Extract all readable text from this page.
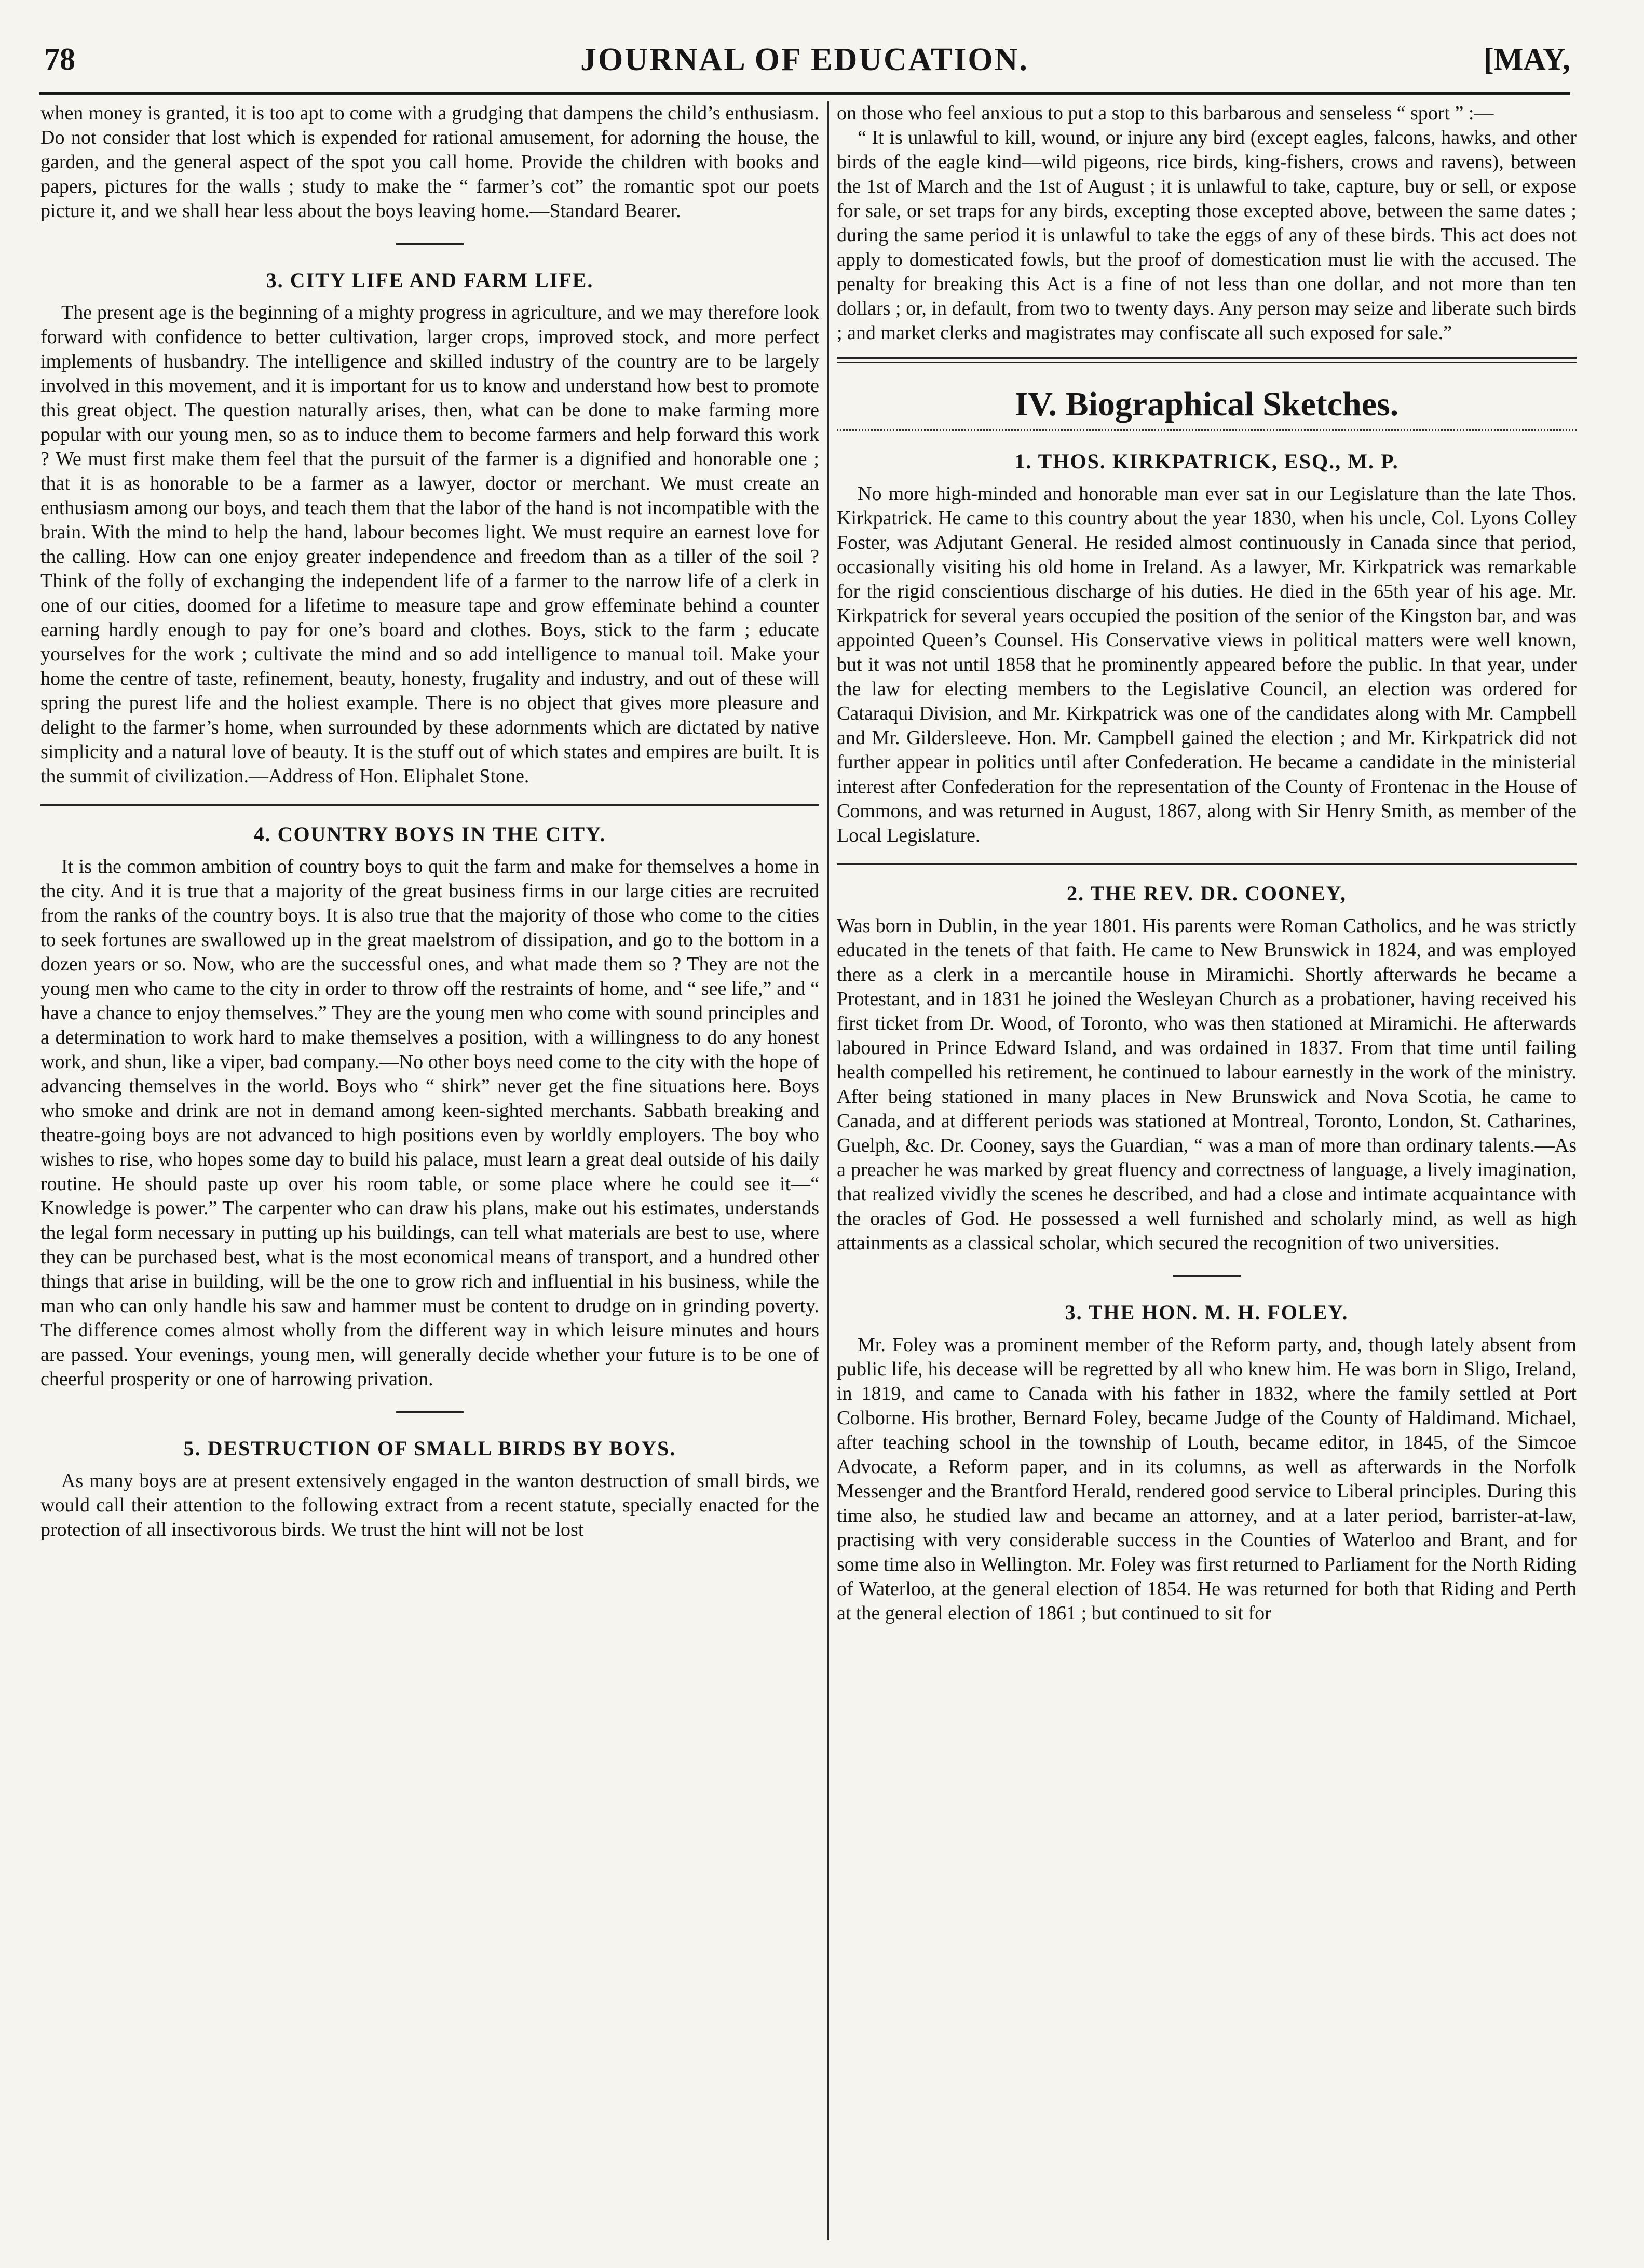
78	JOURNAL OF EDUCATION.	[MAY,

when money is granted, it is too apt to come with a grudging that dampens the child’s enthusiasm. Do not consider that lost which is expended for rational amusement, for adorning the house, the garden, and the general aspect of the spot you call home. Provide the children with books and papers, pictures for the walls ; study to make the “ farmer’s cot” the romantic spot our poets picture it, and we shall hear less about the boys leaving home.—Standard Bearer.

3. CITY LIFE AND FARM LIFE.

The present age is the beginning of a mighty progress in agriculture, and we may therefore look forward with confidence to better cultivation, larger crops, improved stock, and more perfect implements of husbandry. The intelligence and skilled industry of the country are to be largely involved in this movement, and it is important for us to know and understand how best to promote this great object. The question naturally arises, then, what can be done to make farming more popular with our young men, so as to induce them to become farmers and help forward this work ? We must first make them feel that the pursuit of the farmer is a dignified and honorable one ; that it is as honorable to be a farmer as a lawyer, doctor or merchant. We must create an enthusiasm among our boys, and teach them that the labor of the hand is not incompatible with the brain. With the mind to help the hand, labour becomes light. We must require an earnest love for the calling. How can one enjoy greater independence and freedom than as a tiller of the soil ? Think of the folly of exchanging the independent life of a farmer to the narrow life of a clerk in one of our cities, doomed for a lifetime to measure tape and grow effeminate behind a counter earning hardly enough to pay for one’s board and clothes. Boys, stick to the farm ; educate yourselves for the work ; cultivate the mind and so add intelligence to manual toil. Make your home the centre of taste, refinement, beauty, honesty, frugality and industry, and out of these will spring the purest life and the holiest example. There is no object that gives more pleasure and delight to the farmer’s home, when surrounded by these adornments which are dictated by native simplicity and a natural love of beauty. It is the stuff out of which states and empires are built. It is the summit of civilization.—Address of Hon. Eliphalet Stone.

4. COUNTRY BOYS IN THE CITY.

It is the common ambition of country boys to quit the farm and make for themselves a home in the city. And it is true that a majority of the great business firms in our large cities are recruited from the ranks of the country boys. It is also true that the majority of those who come to the cities to seek fortunes are swallowed up in the great maelstrom of dissipation, and go to the bottom in a dozen years or so. Now, who are the successful ones, and what made them so ? They are not the young men who came to the city in order to throw off the restraints of home, and “ see life,” and “ have a chance to enjoy themselves.” They are the young men who come with sound principles and a determination to work hard to make themselves a position, with a willingness to do any honest work, and shun, like a viper, bad company.—No other boys need come to the city with the hope of advancing themselves in the world. Boys who “ shirk” never get the fine situations here. Boys who smoke and drink are not in demand among keen-sighted merchants. Sabbath breaking and theatre-going boys are not advanced to high positions even by worldly employers. The boy who wishes to rise, who hopes some day to build his palace, must learn a great deal outside of his daily routine. He should paste up over his room table, or some place where he could see it—“ Knowledge is power.” The carpenter who can draw his plans, make out his estimates, understands the legal form necessary in putting up his buildings, can tell what materials are best to use, where they can be purchased best, what is the most economical means of transport, and a hundred other things that arise in building, will be the one to grow rich and influential in his business, while the man who can only handle his saw and hammer must be content to drudge on in grinding poverty. The difference comes almost wholly from the different way in which leisure minutes and hours are passed. Your evenings, young men, will generally decide whether your future is to be one of cheerful prosperity or one of harrowing privation.

5. DESTRUCTION OF SMALL BIRDS BY BOYS.

As many boys are at present extensively engaged in the wanton destruction of small birds, we would call their attention to the following extract from a recent statute, specially enacted for the protection of all insectivorous birds. We trust the hint will not be lost

on those who feel anxious to put a stop to this barbarous and senseless “ sport ” :—

“ It is unlawful to kill, wound, or injure any bird (except eagles, falcons, hawks, and other birds of the eagle kind—wild pigeons, rice birds, king-fishers, crows and ravens), between the 1st of March and the 1st of August ; it is unlawful to take, capture, buy or sell, or expose for sale, or set traps for any birds, excepting those excepted above, between the same dates ; during the same period it is unlawful to take the eggs of any of these birds. This act does not apply to domesticated fowls, but the proof of domestication must lie with the accused. The penalty for breaking this Act is a fine of not less than one dollar, and not more than ten dollars ; or, in default, from two to twenty days. Any person may seize and liberate such birds ; and market clerks and magistrates may confiscate all such exposed for sale.”

IV. Biographical Sketches.
1. THOS. KIRKPATRICK, ESQ., M. P.

No more high-minded and honorable man ever sat in our Legislature than the late Thos. Kirkpatrick. He came to this country about the year 1830, when his uncle, Col. Lyons Colley Foster, was Adjutant General. He resided almost continuously in Canada since that period, occasionally visiting his old home in Ireland. As a lawyer, Mr. Kirkpatrick was remarkable for the rigid conscientious discharge of his duties. He died in the 65th year of his age. Mr. Kirkpatrick for several years occupied the position of the senior of the Kingston bar, and was appointed Queen’s Counsel. His Conservative views in political matters were well known, but it was not until 1858 that he prominently appeared before the public. In that year, under the law for electing members to the Legislative Council, an election was ordered for Cataraqui Division, and Mr. Kirkpatrick was one of the candidates along with Mr. Campbell and Mr. Gildersleeve. Hon. Mr. Campbell gained the election ; and Mr. Kirkpatrick did not further appear in politics until after Confederation. He became a candidate in the ministerial interest after Confederation for the representation of the County of Frontenac in the House of Commons, and was returned in August, 1867, along with Sir Henry Smith, as member of the Local Legislature.

2. THE REV. DR. COONEY,

Was born in Dublin, in the year 1801. His parents were Roman Catholics, and he was strictly educated in the tenets of that faith. He came to New Brunswick in 1824, and was employed there as a clerk in a mercantile house in Miramichi. Shortly afterwards he became a Protestant, and in 1831 he joined the Wesleyan Church as a probationer, having received his first ticket from Dr. Wood, of Toronto, who was then stationed at Miramichi. He afterwards laboured in Prince Edward Island, and was ordained in 1837. From that time until failing health compelled his retirement, he continued to labour earnestly in the work of the ministry. After being stationed in many places in New Brunswick and Nova Scotia, he came to Canada, and at different periods was stationed at Montreal, Toronto, London, St. Catharines, Guelph, &c. Dr. Cooney, says the Guardian, “ was a man of more than ordinary talents.—As a preacher he was marked by great fluency and correctness of language, a lively imagination, that realized vividly the scenes he described, and had a close and intimate acquaintance with the oracles of God. He possessed a well furnished and scholarly mind, as well as high attainments as a classical scholar, which secured the recognition of two universities.

3. THE HON. M. H. FOLEY.

Mr. Foley was a prominent member of the Reform party, and, though lately absent from public life, his decease will be regretted by all who knew him. He was born in Sligo, Ireland, in 1819, and came to Canada with his father in 1832, where the family settled at Port Colborne. His brother, Bernard Foley, became Judge of the County of Haldimand. Michael, after teaching school in the township of Louth, became editor, in 1845, of the Simcoe Advocate, a Reform paper, and in its columns, as well as afterwards in the Norfolk Messenger and the Brantford Herald, rendered good service to Liberal principles. During this time also, he studied law and became an attorney, and at a later period, barrister-at-law, practising with very considerable success in the Counties of Waterloo and Brant, and for some time also in Wellington. Mr. Foley was first returned to Parliament for the North Riding of Waterloo, at the general election of 1854. He was returned for both that Riding and Perth at the general election of 1861 ; but continued to sit for
